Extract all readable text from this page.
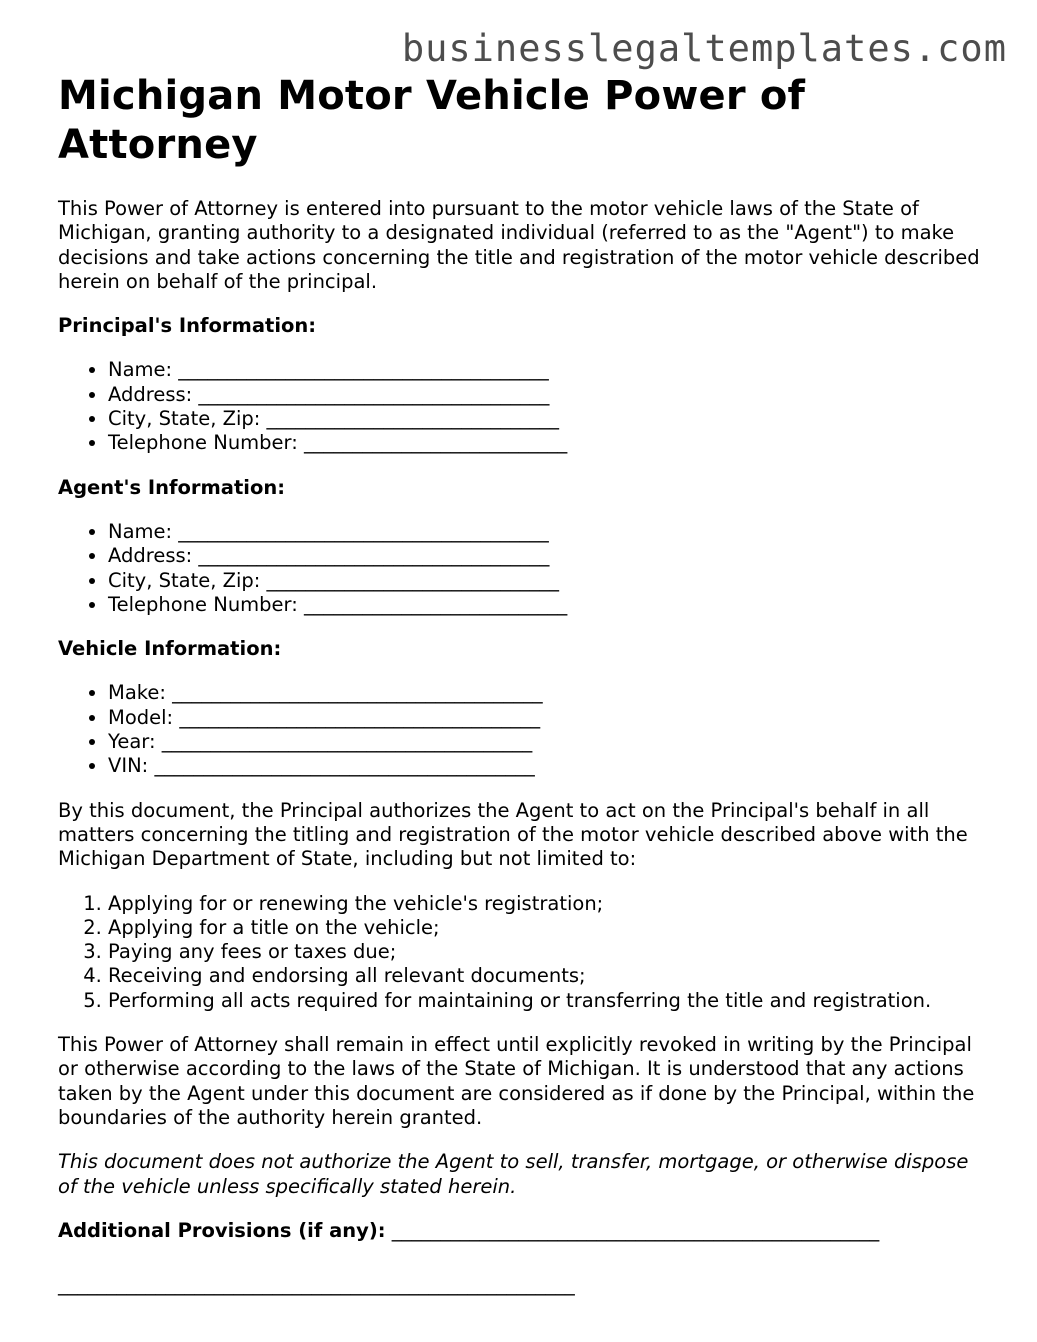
businesslegaltemplates.com
Michigan Motor Vehicle Power of Attorney

This Power of Attorney is entered into pursuant to the motor vehicle laws of the State of Michigan, granting authority to a designated individual (referred to as the "Agent") to make decisions and take actions concerning the title and registration of the motor vehicle described herein on behalf of the principal.

Principal's Information:

• Name: ______________________________________
• Address: ____________________________________
• City, State, Zip: ______________________________
• Telephone Number: ___________________________

Agent's Information:

• Name: ______________________________________
• Address: ____________________________________
• City, State, Zip: ______________________________
• Telephone Number: ___________________________

Vehicle Information:

• Make: ______________________________________
• Model: _____________________________________
• Year: ______________________________________
• VIN: _______________________________________

By this document, the Principal authorizes the Agent to act on the Principal's behalf in all matters concerning the titling and registration of the motor vehicle described above with the Michigan Department of State, including but not limited to:

1. Applying for or renewing the vehicle's registration;
2. Applying for a title on the vehicle;
3. Paying any fees or taxes due;
4. Receiving and endorsing all relevant documents;
5. Performing all acts required for maintaining or transferring the title and registration.

This Power of Attorney shall remain in effect until explicitly revoked in writing by the Principal or otherwise according to the laws of the State of Michigan. It is understood that any actions taken by the Agent under this document are considered as if done by the Principal, within the boundaries of the authority herein granted.

This document does not authorize the Agent to sell, transfer, mortgage, or otherwise dispose of the vehicle unless specifically stated herein.

Additional Provisions (if any): __________________________________________________

_____________________________________________________
